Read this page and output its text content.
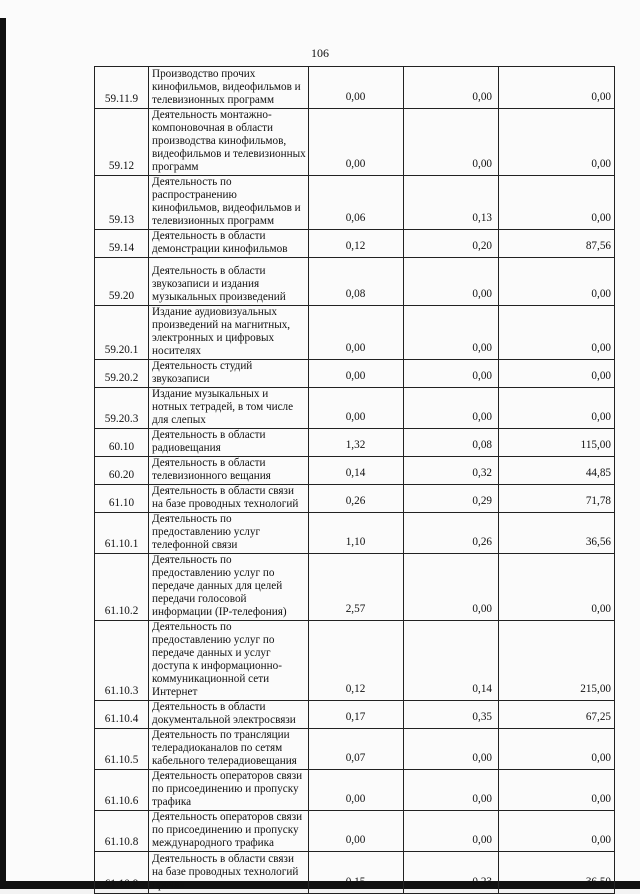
106
59.11.9	Производство прочих кинофильмов, видеофильмов и телевизионных программ	0,00	0,00	0,00
59.12	Деятельность монтажно-компоновочная в области производства кинофильмов, видеофильмов и телевизионных программ	0,00	0,00	0,00
59.13	Деятельность по распространению кинофильмов, видеофильмов и телевизионных программ	0,06	0,13	0,00
59.14	Деятельность в области демонстрации кинофильмов	0,12	0,20	87,56
59.20	Деятельность в области звукозаписи и издания музыкальных произведений	0,08	0,00	0,00
59.20.1	Издание аудиовизуальных произведений на магнитных, электронных и цифровых носителях	0,00	0,00	0,00
59.20.2	Деятельность студий звукозаписи	0,00	0,00	0,00
59.20.3	Издание музыкальных и нотных тетрадей, в том числе для слепых	0,00	0,00	0,00
60.10	Деятельность в области радиовещания	1,32	0,08	115,00
60.20	Деятельность в области телевизионного вещания	0,14	0,32	44,85
61.10	Деятельность в области связи на базе проводных технологий	0,26	0,29	71,78
61.10.1	Деятельность по предоставлению услуг телефонной связи	1,10	0,26	36,56
61.10.2	Деятельность по предоставлению услуг по передаче данных для целей передачи голосовой информации (IP-телефония)	2,57	0,00	0,00
61.10.3	Деятельность по предоставлению услуг по передаче данных и услуг доступа к информационно-коммуникационной сети Интернет	0,12	0,14	215,00
61.10.4	Деятельность в области документальной электросвязи	0,17	0,35	67,25
61.10.5	Деятельность по трансляции телерадиоканалов по сетям кабельного телерадиовещания	0,07	0,00	0,00
61.10.6	Деятельность операторов связи по присоединению и пропуску трафика	0,00	0,00	0,00
61.10.8	Деятельность операторов связи по присоединению и пропуску международного трафика	0,00	0,00	0,00
61.10.9	Деятельность в области связи на базе проводных технологий прочая	0,15	0,23	36,50
